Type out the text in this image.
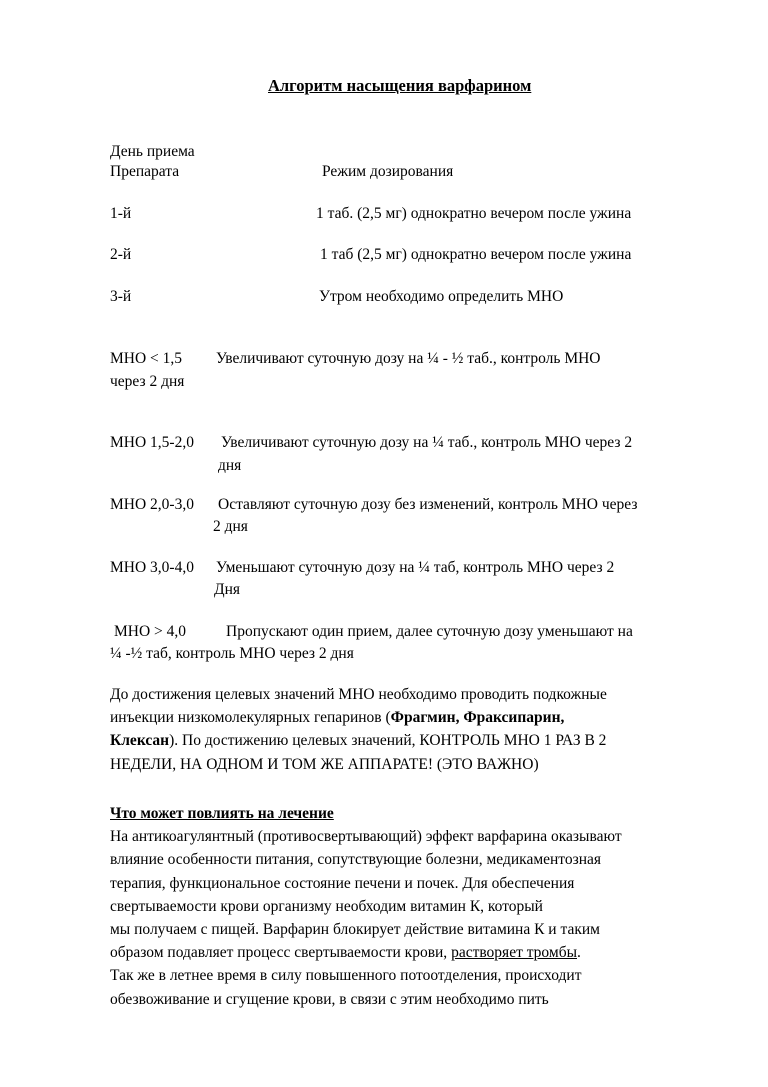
Алгоритм насыщения варфарином
День приема
Препарата	Режим дозирования
1-й	1 таб. (2,5 мг) однократно вечером после ужина
2-й	1 таб (2,5 мг) однократно вечером после ужина
3-й	Утром необходимо определить МНО
МНО < 1,5 Увеличивают суточную дозу на ¼ - ½ таб., контроль МНО
через 2 дня
МНО 1,5-2,0 Увеличивают суточную дозу на ¼ таб., контроль МНО через 2
дня
МНО 2,0-3,0 Оставляют суточную дозу без изменений, контроль МНО через
2 дня
МНО 3,0-4,0 Уменьшают суточную дозу на ¼ таб, контроль МНО через 2
Дня
МНО > 4,0	Пропускают один прием, далее суточную дозу уменьшают на
¼ -½ таб, контроль МНО через 2 дня
До достижения целевых значений МНО необходимо проводить подкожные
инъекции низкомолекулярных гепаринов (Фрагмин, Фраксипарин,
Клексан). По достижению целевых значений, КОНТРОЛЬ МНО 1 РАЗ В 2
НЕДЕЛИ, НА ОДНОМ И ТОМ ЖЕ АППАРАТЕ! (ЭТО ВАЖНО)
Что может повлиять на лечение
На антикоагулянтный (противосвертывающий) эффект варфарина оказывают
влияние особенности питания, сопутствующие болезни, медикаментозная
терапия, функциональное состояние печени и почек. Для обеспечения
свертываемости крови организму необходим витамин К, который
мы получаем с пищей. Варфарин блокирует действие витамина К и таким
образом подавляет процесс свертываемости крови, растворяет тромбы.
Так же в летнее время в силу повышенного потоотделения, происходит
обезвоживание и сгущение крови, в связи с этим необходимо пить
